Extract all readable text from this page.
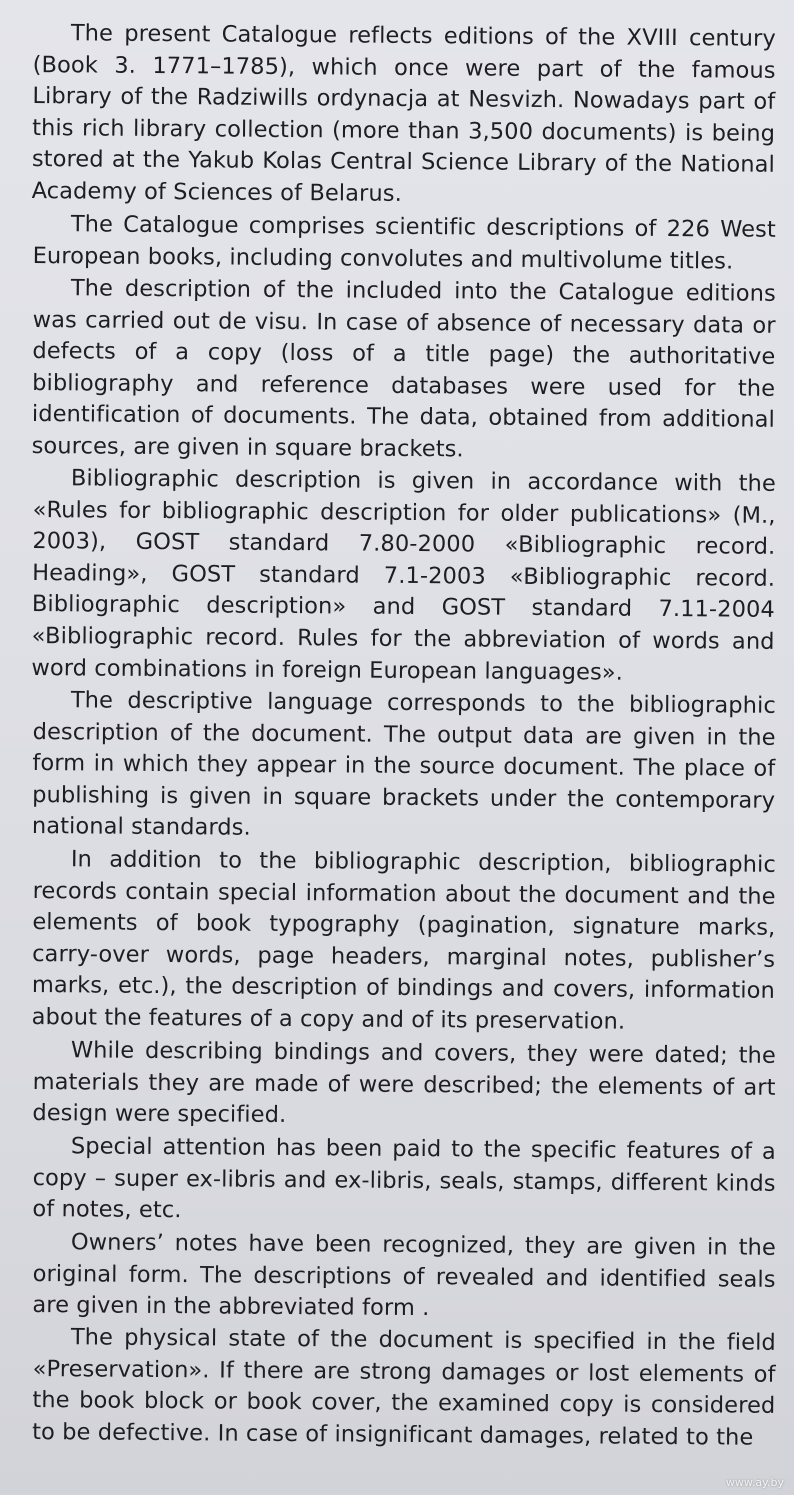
The present Catalogue reflects editions of the XVIII century (Book 3. 1771–1785), which once were part of the famous Library of the Radziwills ordynacja at Nesvizh. Nowadays part of this rich library collection (more than 3,500 documents) is being stored at the Yakub Kolas Central Science Library of the National Academy of Sciences of Belarus.

The Catalogue comprises scientific descriptions of 226 West European books, including convolutes and multivolume titles.

The description of the included into the Catalogue editions was carried out de visu. In case of absence of necessary data or defects of a copy (loss of a title page) the authoritative bibliography and reference databases were used for the identification of documents. The data, obtained from additional sources, are given in square brackets.

Bibliographic description is given in accordance with the «Rules for bibliographic description for older publications» (M., 2003), GOST standard 7.80-2000 «Bibliographic record. Heading», GOST standard 7.1-2003 «Bibliographic record. Bibliographic description» and GOST standard 7.11-2004 «Bibliographic record. Rules for the abbreviation of words and word combinations in foreign European languages».

The descriptive language corresponds to the bibliographic description of the document. The output data are given in the form in which they appear in the source document. The place of publishing is given in square brackets under the contemporary national standards.

In addition to the bibliographic description, bibliographic records contain special information about the document and the elements of book typography (pagination, signature marks, carry-over words, page headers, marginal notes, publisher’s marks, etc.), the description of bindings and covers, information about the features of a copy and of its preservation.

While describing bindings and covers, they were dated; the materials they are made of were described; the elements of art design were specified.

Special attention has been paid to the specific features of a copy – super ex-libris and ex-libris, seals, stamps, different kinds of notes, etc.

Owners’ notes have been recognized, they are given in the original form. The descriptions of revealed and identified seals are given in the abbreviated form .

The physical state of the document is specified in the field «Preservation». If there are strong damages or lost elements of the book block or book cover, the examined copy is considered to be defective. In case of insignificant damages, related to the

www.ay.by
